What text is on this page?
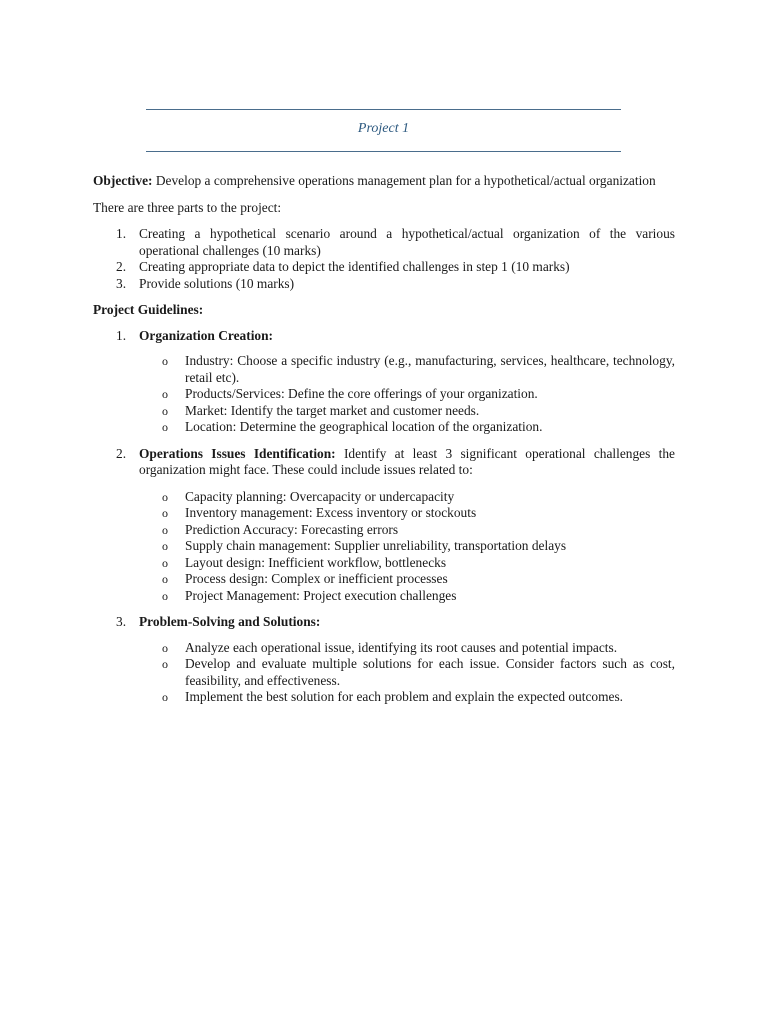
Project 1

Objective: Develop a comprehensive operations management plan for a hypothetical/actual organization

There are three parts to the project:

1. Creating a hypothetical scenario around a hypothetical/actual organization of the various operational challenges (10 marks)
2. Creating appropriate data to depict the identified challenges in step 1 (10 marks)
3. Provide solutions (10 marks)

Project Guidelines:

1. Organization Creation:
o Industry: Choose a specific industry (e.g., manufacturing, services, healthcare, technology, retail etc).
o Products/Services: Define the core offerings of your organization.
o Market: Identify the target market and customer needs.
o Location: Determine the geographical location of the organization.
2. Operations Issues Identification: Identify at least 3 significant operational challenges the organization might face. These could include issues related to:
o Capacity planning: Overcapacity or undercapacity
o Inventory management: Excess inventory or stockouts
o Prediction Accuracy: Forecasting errors
o Supply chain management: Supplier unreliability, transportation delays
o Layout design: Inefficient workflow, bottlenecks
o Process design: Complex or inefficient processes
o Project Management: Project execution challenges
3. Problem-Solving and Solutions:
o Analyze each operational issue, identifying its root causes and potential impacts.
o Develop and evaluate multiple solutions for each issue. Consider factors such as cost, feasibility, and effectiveness.
o Implement the best solution for each problem and explain the expected outcomes.
